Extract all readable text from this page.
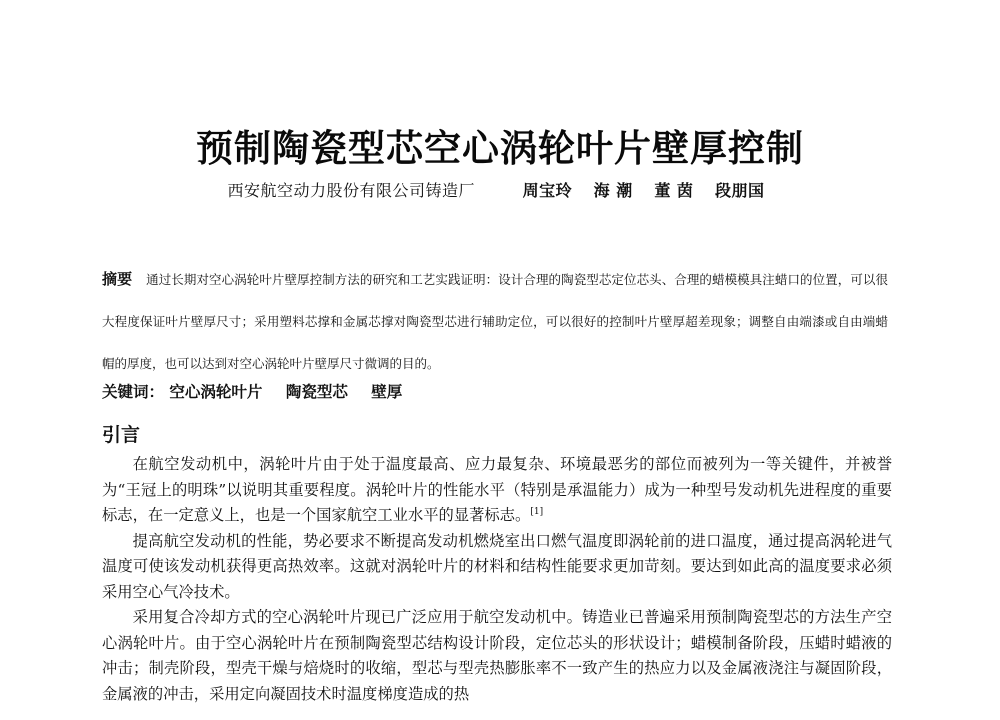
预制陶瓷型芯空心涡轮叶片壁厚控制
西安航空动力股份有限公司铸造厂	周宝玲 海 潮 董 茵 段朋国
摘要 通过长期对空心涡轮叶片壁厚控制方法的研究和工艺实践证明：设计合理的陶瓷型芯定位芯头、合理的蜡模模具注蜡口的位置，可以很大程度保证叶片壁厚尺寸；采用塑料芯撑和金属芯撑对陶瓷型芯进行辅助定位，可以很好的控制叶片壁厚超差现象；调整自由端漆或自由端蜡帽的厚度，也可以达到对空心涡轮叶片壁厚尺寸微调的目的。
关键词： 空心涡轮叶片 陶瓷型芯 壁厚
引言

在航空发动机中，涡轮叶片由于处于温度最高、应力最复杂、环境最恶劣的部位而被列为一等关键件，并被誉为“王冠上的明珠”以说明其重要程度。涡轮叶片的性能水平（特别是承温能力）成为一种型号发动机先进程度的重要标志，在一定意义上，也是一个国家航空工业水平的显著标志。[1]

提高航空发动机的性能，势必要求不断提高发动机燃烧室出口燃气温度即涡轮前的进口温度，通过提高涡轮进气温度可使该发动机获得更高热效率。这就对涡轮叶片的材料和结构性能要求更加苛刻。要达到如此高的温度要求必须采用空心气冷技术。

采用复合冷却方式的空心涡轮叶片现已广泛应用于航空发动机中。铸造业已普遍采用预制陶瓷型芯的方法生产空心涡轮叶片。由于空心涡轮叶片在预制陶瓷型芯结构设计阶段，定位芯头的形状设计；蜡模制备阶段，压蜡时蜡液的冲击；制壳阶段，型壳干燥与焙烧时的收缩，型芯与型壳热膨胀率不一致产生的热应力以及金属液浇注与凝固阶段，金属液的冲击，采用定向凝固技术时温度梯度造成的热
